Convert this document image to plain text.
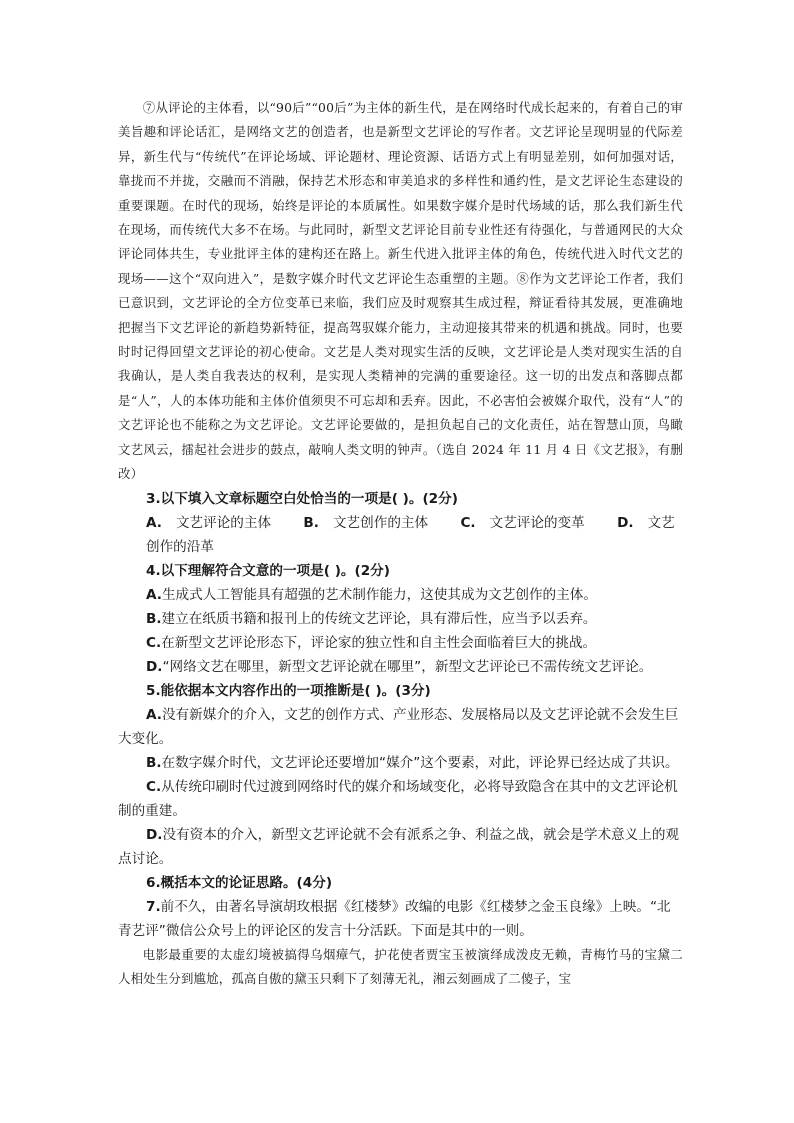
⑦从评论的主体看，以“90后”“00后”为主体的新生代，是在网络时代成长起来的，有着自己的审美旨趣和评论话汇，是网络文艺的创造者，也是新型文艺评论的写作者。文艺评论呈现明显的代际差异，新生代与“传统代”在评论场域、评论题材、理论资源、话语方式上有明显差别，如何加强对话，靠拢而不并拢，交融而不消融，保持艺术形态和审美追求的多样性和通约性，是文艺评论生态建设的重要课题。在时代的现场，始终是评论的本质属性。如果数字媒介是时代场域的话，那么我们新生代在现场，而传统代大多不在场。与此同时，新型文艺评论目前专业性还有待强化，与普通网民的大众评论同体共生，专业批评主体的建构还在路上。新生代进入批评主体的角色，传统代进入时代文艺的现场——这个“双向进入”，是数字媒介时代文艺评论生态重塑的主题。⑧作为文艺评论工作者，我们已意识到，文艺评论的全方位变革已来临，我们应及时观察其生成过程，辩证看待其发展，更准确地把握当下文艺评论的新趋势新特征，提高驾驭媒介能力，主动迎接其带来的机遇和挑战。同时，也要时时记得回望文艺评论的初心使命。文艺是人类对现实生活的反映，文艺评论是人类对现实生活的自我确认，是人类自我表达的权利，是实现人类精神的完满的重要途径。这一切的出发点和落脚点都是“人”，人的本体功能和主体价值须臾不可忘却和丢弃。因此，不必害怕会被媒介取代，没有“人”的文艺评论也不能称之为文艺评论。文艺评论要做的，是担负起自己的文化责任，站在智慧山顶，鸟瞰文艺风云，擂起社会进步的鼓点，敲响人类文明的钟声。（选自 2024 年 11 月 4 日《文艺报》，有删改）

3.以下填入文章标题空白处恰当的一项是( )。(2分)

A. 文艺评论的主体 B. 文艺创作的主体 C. 文艺评论的变革 D. 文艺创作的沿革

4.以下理解符合文意的一项是( )。(2分)

A.生成式人工智能具有超强的艺术制作能力，这使其成为文艺创作的主体。

B.建立在纸质书籍和报刊上的传统文艺评论，具有滞后性，应当予以丢弃。

C.在新型文艺评论形态下，评论家的独立性和自主性会面临着巨大的挑战。

D.“网络文艺在哪里，新型文艺评论就在哪里”，新型文艺评论已不需传统文艺评论。

5.能依据本文内容作出的一项推断是( )。(3分)

A.没有新媒介的介入，文艺的创作方式、产业形态、发展格局以及文艺评论就不会发生巨大变化。

B.在数字媒介时代，文艺评论还要增加“媒介”这个要素，对此，评论界已经达成了共识。

C.从传统印刷时代过渡到网络时代的媒介和场域变化，必将导致隐含在其中的文艺评论机制的重建。

D.没有资本的介入，新型文艺评论就不会有派系之争、利益之战，就会是学术意义上的观点讨论。

6.概括本文的论证思路。(4分)

7.前不久，由著名导演胡玫根据《红楼梦》改编的电影《红楼梦之金玉良缘》上映。“北青艺评”微信公众号上的评论区的发言十分活跃。下面是其中的一则。

电影最重要的太虚幻境被搞得乌烟瘴气，护花使者贾宝玉被演绎成泼皮无赖，青梅竹马的宝黛二人相处生分到尴尬，孤高自傲的黛玉只剩下了刻薄无礼，湘云刻画成了二傻子，宝
